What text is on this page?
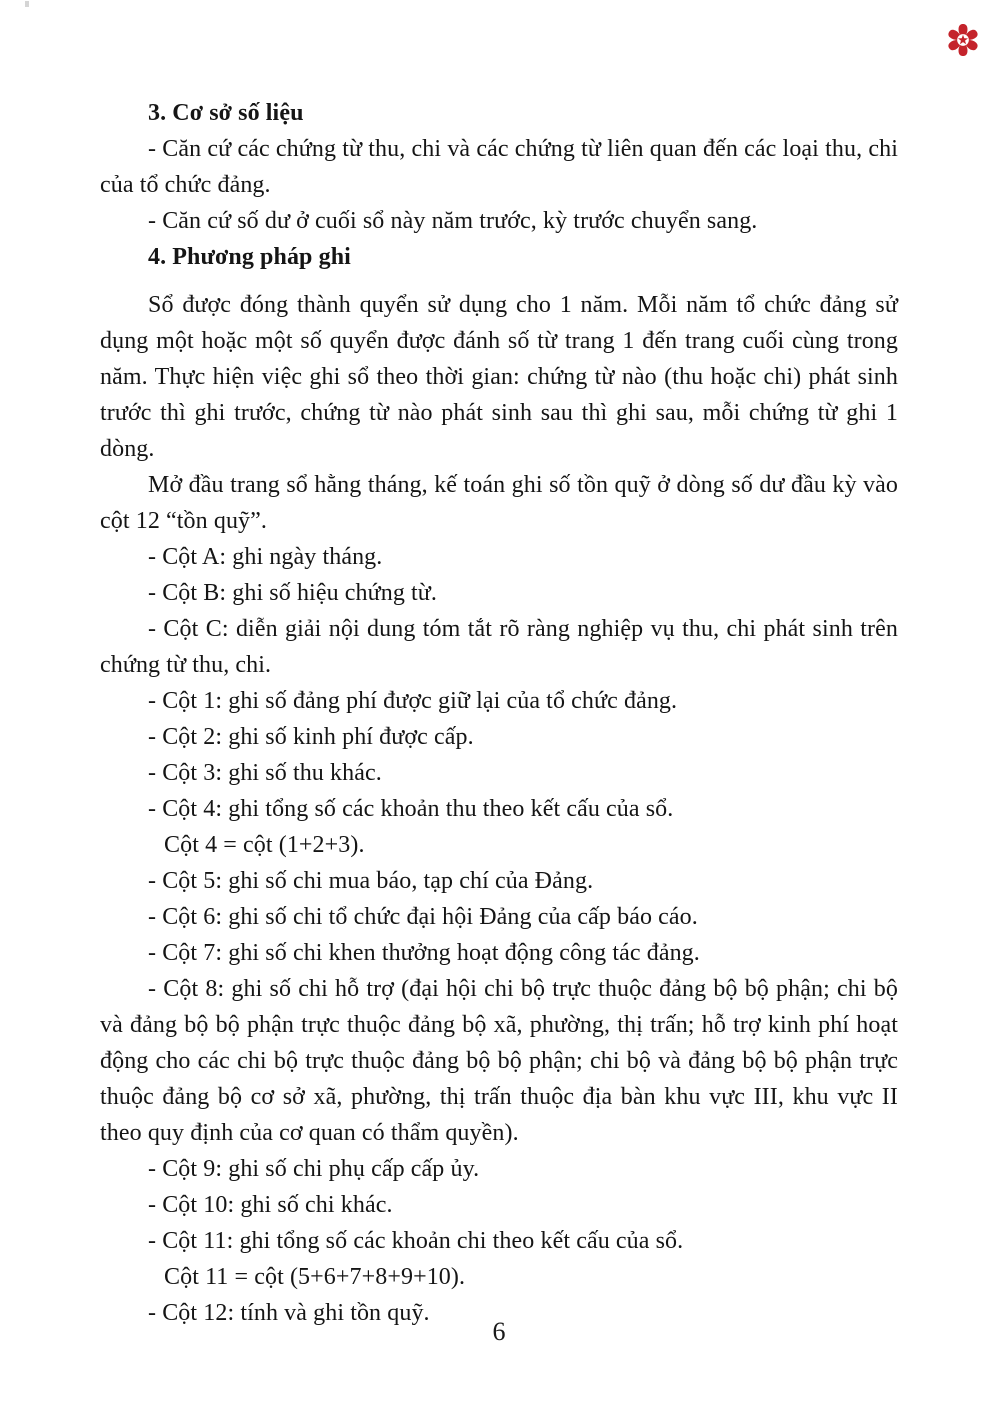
3. Cơ sở số liệu

- Căn cứ các chứng từ thu, chi và các chứng từ liên quan đến các loại thu, chi của tổ chức đảng.

- Căn cứ số dư ở cuối sổ này năm trước, kỳ trước chuyển sang.

4. Phương pháp ghi

Sổ được đóng thành quyển sử dụng cho 1 năm. Mỗi năm tổ chức đảng sử dụng một hoặc một số quyển được đánh số từ trang 1 đến trang cuối cùng trong năm. Thực hiện việc ghi sổ theo thời gian: chứng từ nào (thu hoặc chi) phát sinh trước thì ghi trước, chứng từ nào phát sinh sau thì ghi sau, mỗi chứng từ ghi 1 dòng.

Mở đầu trang sổ hằng tháng, kế toán ghi số tồn quỹ ở dòng số dư đầu kỳ vào cột 12 “tồn quỹ”.

- Cột A: ghi ngày tháng.

- Cột B: ghi số hiệu chứng từ.

- Cột C: diễn giải nội dung tóm tắt rõ ràng nghiệp vụ thu, chi phát sinh trên chứng từ thu, chi.

- Cột 1: ghi số đảng phí được giữ lại của tổ chức đảng.

- Cột 2: ghi số kinh phí được cấp.

- Cột 3: ghi số thu khác.

- Cột 4: ghi tổng số các khoản thu theo kết cấu của sổ.

Cột 4 = cột (1+2+3).

- Cột 5: ghi số chi mua báo, tạp chí của Đảng.

- Cột 6: ghi số chi tổ chức đại hội Đảng của cấp báo cáo.

- Cột 7: ghi số chi khen thưởng hoạt động công tác đảng.

- Cột 8: ghi số chi hỗ trợ (đại hội chi bộ trực thuộc đảng bộ bộ phận; chi bộ và đảng bộ bộ phận trực thuộc đảng bộ xã, phường, thị trấn; hỗ trợ kinh phí hoạt động cho các chi bộ trực thuộc đảng bộ bộ phận; chi bộ và đảng bộ bộ phận trực thuộc đảng bộ cơ sở xã, phường, thị trấn thuộc địa bàn khu vực III, khu vực II theo quy định của cơ quan có thẩm quyền).

- Cột 9: ghi số chi phụ cấp cấp ủy.

- Cột 10: ghi số chi khác.

- Cột 11: ghi tổng số các khoản chi theo kết cấu của sổ.

Cột 11 = cột (5+6+7+8+9+10).

- Cột 12: tính và ghi tồn quỹ.

6
